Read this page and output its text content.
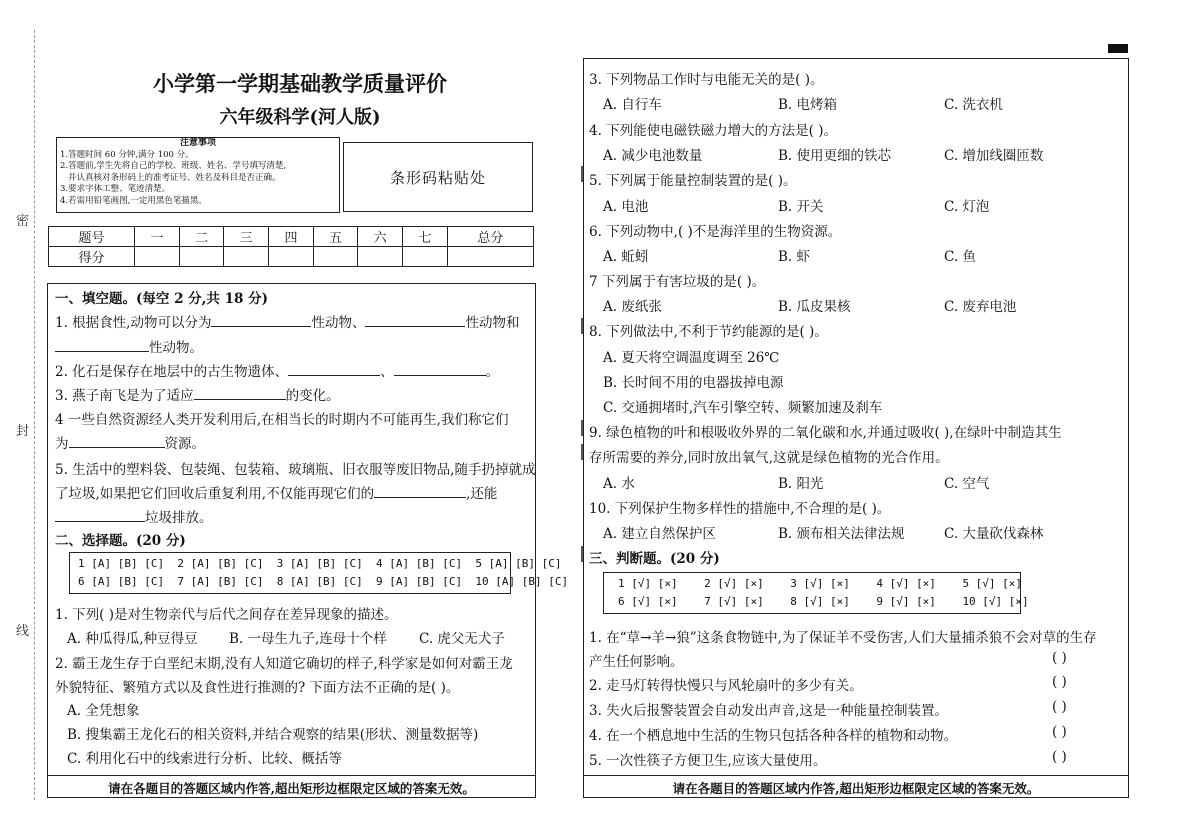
密
封
线
小学第一学期基础教学质量评价
六年级科学(河人版)
注意事项
1.答题时间 60 分钟,满分 100 分。
2.答题前,学生先将自己的学校、班级、姓名、学号填写清楚,
并认真核对条形码上的准考证号、姓名及科目是否正确。
3.要求字体工整、笔迹清楚。
4.若需用铅笔画图,一定用黑色笔描黑。
条形码粘贴处
题号	一	二	三	四	五	六	七	总分
得分								
一、填空题。(每空 2 分,共 18 分)
1. 根据食性,动物可以分为	性动物、	性动物和
性动物。
2. 化石是保存在地层中的古生物遗体、	、	。
3. 燕子南飞是为了适应	的变化。
4 一些自然资源经人类开发利用后,在相当长的时期内不可能再生,我们称它们
为	资源。
5. 生活中的塑料袋、包装绳、包装箱、玻璃瓶、旧衣服等废旧物品,随手扔掉就成
了垃圾,如果把它们回收后重复利用,不仅能再现它们的	,还能
垃圾排放。
二、选择题。(20 分)
1 [A] [B] [C] 2 [A] [B] [C] 3 [A] [B] [C] 4 [A] [B] [C] 5 [A] [B] [C]
6 [A] [B] [C] 7 [A] [B] [C] 8 [A] [B] [C] 9 [A] [B] [C] 10 [A] [B] [C]
1. 下列( )是对生物亲代与后代之间存在差异现象的描述。
A. 种瓜得瓜,种豆得豆 B. 一母生九子,连母十个样 C. 虎父无犬子
2. 霸王龙生存于白垩纪末期,没有人知道它确切的样子,科学家是如何对霸王龙
外貌特征、繁殖方式以及食性进行推测的? 下面方法不正确的是( )。
A. 全凭想象
B. 搜集霸王龙化石的相关资料,并结合观察的结果(形状、测量数据等)
C. 利用化石中的线索进行分析、比较、概括等
请在各题目的答题区域内作答,超出矩形边框限定区域的答案无效。
3. 下列物品工作时与电能无关的是( )。
A. 自行车	B. 电烤箱	C. 洗衣机
4. 下列能使电磁铁磁力增大的方法是( )。
A. 减少电池数量	B. 使用更细的铁芯	C. 增加线圈匝数
5. 下列属于能量控制装置的是( )。
A. 电池	B. 开关	C. 灯泡
6. 下列动物中,( )不是海洋里的生物资源。
A. 蚯蚓	B. 虾	C. 鱼
7 下列属于有害垃圾的是( )。
A. 废纸张	B. 瓜皮果核	C. 废弃电池
8. 下列做法中,不利于节约能源的是( )。
A. 夏天将空调温度调至 26℃
B. 长时间不用的电器拔掉电源
C. 交通拥堵时,汽车引擎空转、频繁加速及刹车
9. 绿色植物的叶和根吸收外界的二氧化碳和水,并通过吸收( ),在绿叶中制造其生
存所需要的养分,同时放出氧气,这就是绿色植物的光合作用。
A. 水	B. 阳光	C. 空气
10. 下列保护生物多样性的措施中,不合理的是( )。
A. 建立自然保护区	B. 颁布相关法律法规	C. 大量砍伐森林
三、判断题。(20 分)
1 [√] [×] 2 [√] [×] 3 [√] [×] 4 [√] [×] 5 [√] [×]
6 [√] [×] 7 [√] [×] 8 [√] [×] 9 [√] [×] 10 [√] [×]
1. 在“草→羊→狼”这条食物链中,为了保证羊不受伤害,人们大量捕杀狼不会对草的生存
产生任何影响。	( )
2. 走马灯转得快慢只与风轮扇叶的多少有关。	( )
3. 失火后报警装置会自动发出声音,这是一种能量控制装置。	( )
4. 在一个栖息地中生活的生物只包括各种各样的植物和动物。	( )
5. 一次性筷子方便卫生,应该大量使用。	( )
请在各题目的答题区域内作答,超出矩形边框限定区域的答案无效。
